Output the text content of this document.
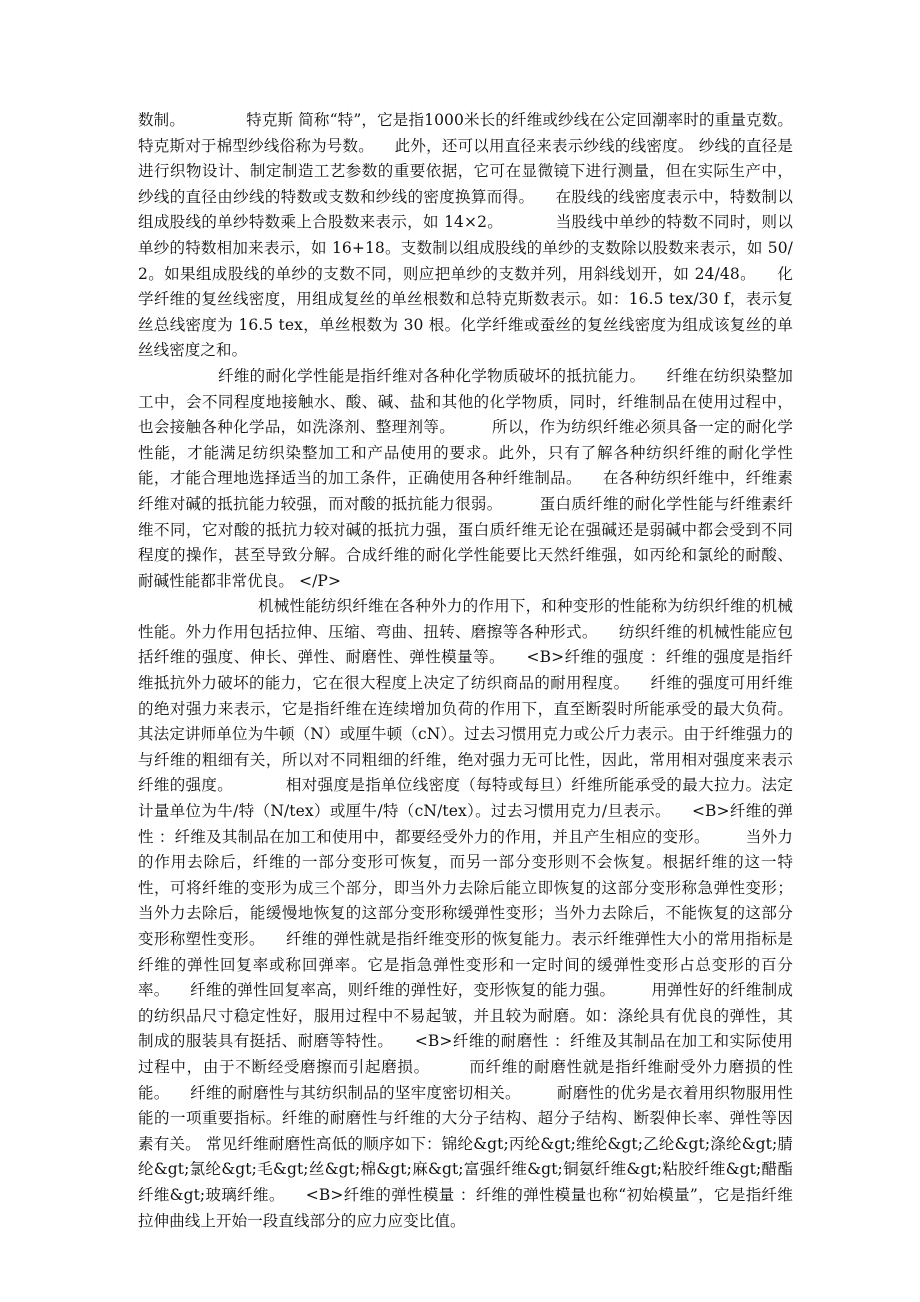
数制。            特克斯 简称“特”，它是指1000米长的纤维或纱线在公定回潮率时的重量克数。特克斯对于棉型纱线俗称为号数。    此外，还可以用直径来表示纱线的线密度。 纱线的直径是进行织物设计、制定制造工艺参数的重要依据，它可在显微镜下进行测量，但在实际生产中，纱线的直径由纱线的特数或支数和纱线的密度换算而得。    在股线的线密度表示中，特数制以组成股线的单纱特数乘上合股数来表示，如 14×2。          当股线中单纱的特数不同时，则以单纱的特数相加来表示，如 16+18。支数制以组成股线的单纱的支数除以股数来表示，如 50/2。如果组成股线的单纱的支数不同，则应把单纱的支数并列，用斜线划开，如 24/48。    化学纤维的复丝线密度，用组成复丝的单丝根数和总特克斯数表示。如：16.5 tex/30 f，表示复丝总线密度为 16.5 tex，单丝根数为 30 根。化学纤维或蚕丝的复丝线密度为组成该复丝的单丝线密度之和。

纤维的耐化学性能是指纤维对各种化学物质破坏的抵抗能力。    纤维在纺织染整加工中，会不同程度地接触水、酸、碱、盐和其他的化学物质，同时，纤维制品在使用过程中，也会接触各种化学品，如洗涤剂、整理剂等。       所以，作为纺织纤维必须具备一定的耐化学性能，才能满足纺织染整加工和产品使用的要求。此外，只有了解各种纺织纤维的耐化学性能，才能合理地选择适当的加工条件，正确使用各种纤维制品。    在各种纺织纤维中，纤维素纤维对碱的抵抗能力较强，而对酸的抵抗能力很弱。       蛋白质纤维的耐化学性能与纤维素纤维不同，它对酸的抵抗力较对碱的抵抗力强，蛋白质纤维无论在强碱还是弱碱中都会受到不同程度的操作，甚至导致分解。合成纤维的耐化学性能要比天然纤维强，如丙纶和氯纶的耐酸、耐碱性能都非常优良。 </P>

机械性能纺织纤维在各种外力的作用下，和种变形的性能称为纺织纤维的机械性能。外力作用包括拉伸、压缩、弯曲、扭转、磨擦等各种形式。    纺织纤维的机械性能应包括纤维的强度、伸长、弹性、耐磨性、弹性模量等。    <B>纤维的强度 ：纤维的强度是指纤维抵抗外力破坏的能力，它在很大程度上决定了纺织商品的耐用程度。    纤维的强度可用纤维的绝对强力来表示，它是指纤维在连续增加负荷的作用下，直至断裂时所能承受的最大负荷。       其法定讲师单位为牛顿（N）或厘牛顿（cN）。过去习惯用克力或公斤力表示。由于纤维强力的与纤维的粗细有关，所以对不同粗细的纤维，绝对强力无可比性，因此，常用相对强度来表示纤维的强度。          相对强度是指单位线密度（每特或每旦）纤维所能承受的最大拉力。法定计量单位为牛/特（N/tex）或厘牛/特（cN/tex）。过去习惯用克力/旦表示。    <B>纤维的弹性 ：纤维及其制品在加工和使用中，都要经受外力的作用，并且产生相应的变形。       当外力的作用去除后，纤维的一部分变形可恢复，而另一部分变形则不会恢复。根据纤维的这一特性，可将纤维的变形为成三个部分，即当外力去除后能立即恢复的这部分变形称急弹性变形；当外力去除后，能缓慢地恢复的这部分变形称缓弹性变形；当外力去除后，不能恢复的这部分变形称塑性变形。    纤维的弹性就是指纤维变形的恢复能力。表示纤维弹性大小的常用指标是纤维的弹性回复率或称回弹率。它是指急弹性变形和一定时间的缓弹性变形占总变形的百分率。    纤维的弹性回复率高，则纤维的弹性好，变形恢复的能力强。       用弹性好的纤维制成的纺织品尺寸稳定性好，服用过程中不易起皱，并且较为耐磨。如：涤纶具有优良的弹性，其制成的服装具有挺括、耐磨等特性。    <B>纤维的耐磨性 ：纤维及其制品在加工和实际使用过程中，由于不断经受磨擦而引起磨损。       而纤维的耐磨性就是指纤维耐受外力磨损的性能。    纤维的耐磨性与其纺织制品的坚牢度密切相关。       耐磨性的优劣是衣着用织物服用性能的一项重要指标。纤维的耐磨性与纤维的大分子结构、超分子结构、断裂伸长率、弹性等因素有关。 常见纤维耐磨性高低的顺序如下：锦纶&gt;丙纶&gt;维纶&gt;乙纶&gt;涤纶&gt;腈纶&gt;氯纶&gt;毛&gt;丝&gt;棉&gt;麻&gt;富强纤维&gt;铜氨纤维&gt;粘胶纤维&gt;醋酯纤维&gt;玻璃纤维。    <B>纤维的弹性模量 ：纤维的弹性模量也称“初始模量”，它是指纤维拉伸曲线上开始一段直线部分的应力应变比值。
